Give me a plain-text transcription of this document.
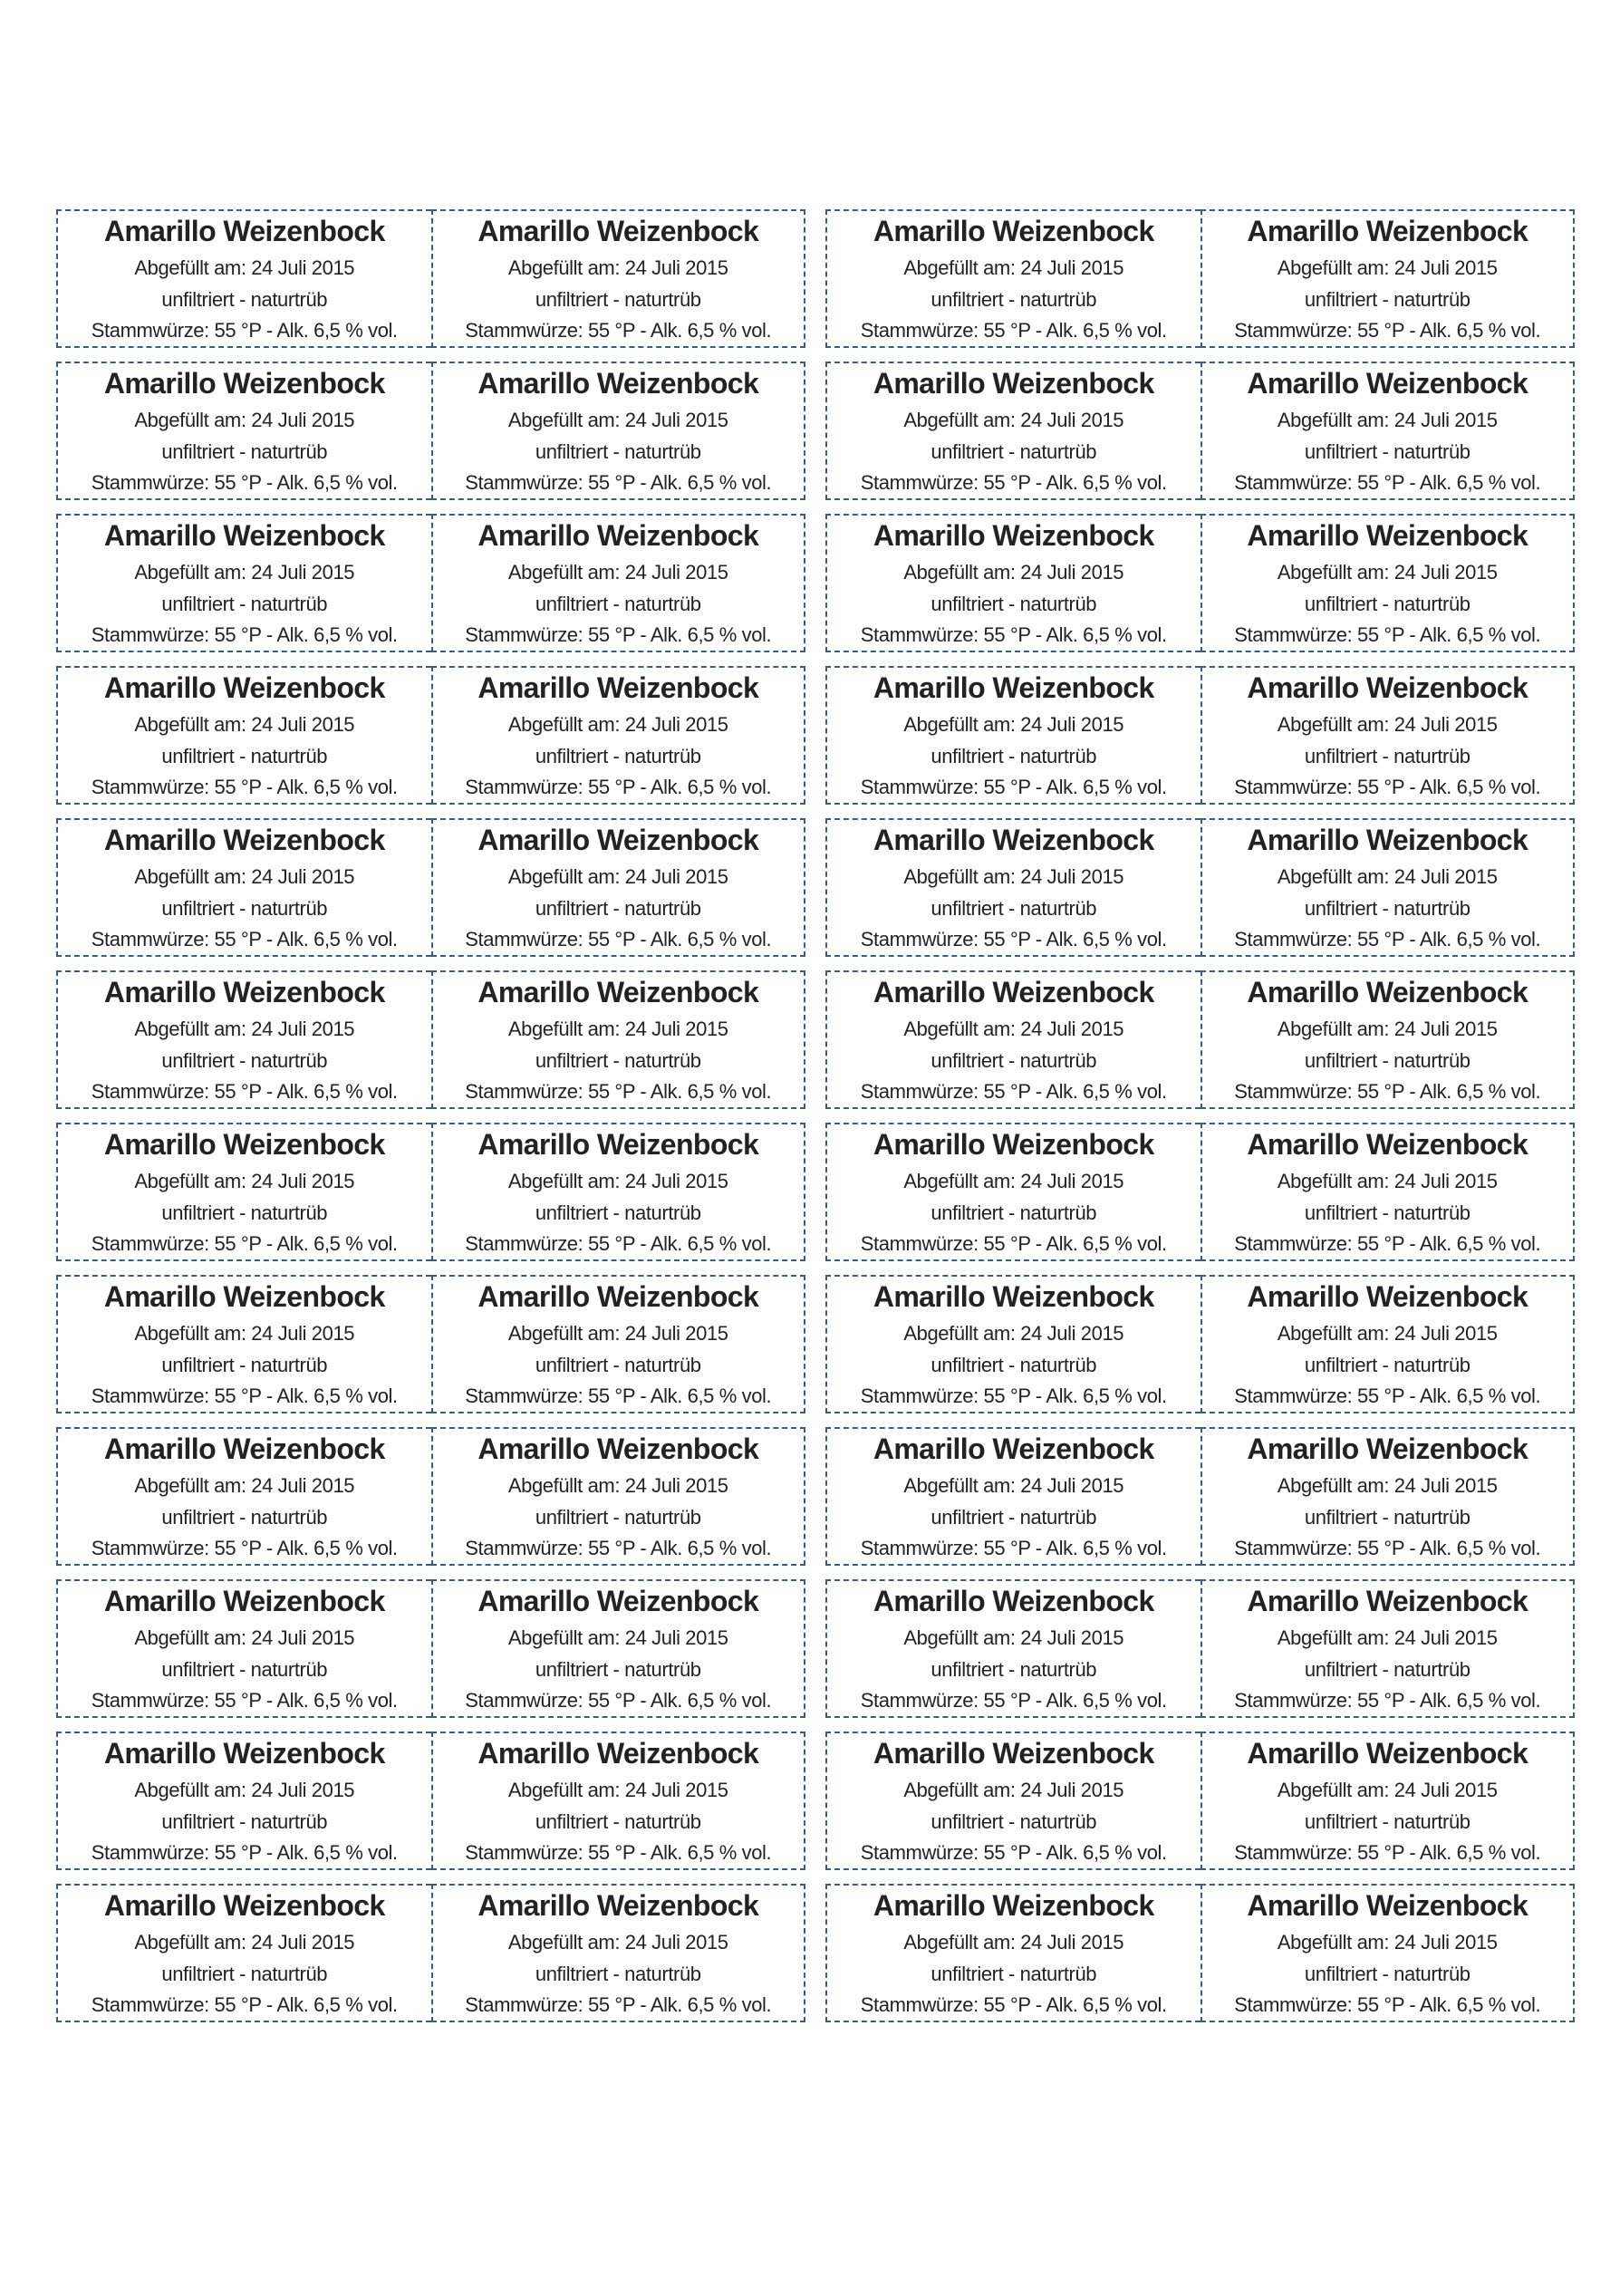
Amarillo Weizenbock
Abgefüllt am: 24 Juli 2015
unfiltriert - naturtrüb
Stammwürze: 55 °P - Alk. 6,5 % vol.
Amarillo Weizenbock
Abgefüllt am: 24 Juli 2015
unfiltriert - naturtrüb
Stammwürze: 55 °P - Alk. 6,5 % vol.
Amarillo Weizenbock
Abgefüllt am: 24 Juli 2015
unfiltriert - naturtrüb
Stammwürze: 55 °P - Alk. 6,5 % vol.
Amarillo Weizenbock
Abgefüllt am: 24 Juli 2015
unfiltriert - naturtrüb
Stammwürze: 55 °P - Alk. 6,5 % vol.
Amarillo Weizenbock
Abgefüllt am: 24 Juli 2015
unfiltriert - naturtrüb
Stammwürze: 55 °P - Alk. 6,5 % vol.
Amarillo Weizenbock
Abgefüllt am: 24 Juli 2015
unfiltriert - naturtrüb
Stammwürze: 55 °P - Alk. 6,5 % vol.
Amarillo Weizenbock
Abgefüllt am: 24 Juli 2015
unfiltriert - naturtrüb
Stammwürze: 55 °P - Alk. 6,5 % vol.
Amarillo Weizenbock
Abgefüllt am: 24 Juli 2015
unfiltriert - naturtrüb
Stammwürze: 55 °P - Alk. 6,5 % vol.
Amarillo Weizenbock
Abgefüllt am: 24 Juli 2015
unfiltriert - naturtrüb
Stammwürze: 55 °P - Alk. 6,5 % vol.
Amarillo Weizenbock
Abgefüllt am: 24 Juli 2015
unfiltriert - naturtrüb
Stammwürze: 55 °P - Alk. 6,5 % vol.
Amarillo Weizenbock
Abgefüllt am: 24 Juli 2015
unfiltriert - naturtrüb
Stammwürze: 55 °P - Alk. 6,5 % vol.
Amarillo Weizenbock
Abgefüllt am: 24 Juli 2015
unfiltriert - naturtrüb
Stammwürze: 55 °P - Alk. 6,5 % vol.
Amarillo Weizenbock
Abgefüllt am: 24 Juli 2015
unfiltriert - naturtrüb
Stammwürze: 55 °P - Alk. 6,5 % vol.
Amarillo Weizenbock
Abgefüllt am: 24 Juli 2015
unfiltriert - naturtrüb
Stammwürze: 55 °P - Alk. 6,5 % vol.
Amarillo Weizenbock
Abgefüllt am: 24 Juli 2015
unfiltriert - naturtrüb
Stammwürze: 55 °P - Alk. 6,5 % vol.
Amarillo Weizenbock
Abgefüllt am: 24 Juli 2015
unfiltriert - naturtrüb
Stammwürze: 55 °P - Alk. 6,5 % vol.
Amarillo Weizenbock
Abgefüllt am: 24 Juli 2015
unfiltriert - naturtrüb
Stammwürze: 55 °P - Alk. 6,5 % vol.
Amarillo Weizenbock
Abgefüllt am: 24 Juli 2015
unfiltriert - naturtrüb
Stammwürze: 55 °P - Alk. 6,5 % vol.
Amarillo Weizenbock
Abgefüllt am: 24 Juli 2015
unfiltriert - naturtrüb
Stammwürze: 55 °P - Alk. 6,5 % vol.
Amarillo Weizenbock
Abgefüllt am: 24 Juli 2015
unfiltriert - naturtrüb
Stammwürze: 55 °P - Alk. 6,5 % vol.
Amarillo Weizenbock
Abgefüllt am: 24 Juli 2015
unfiltriert - naturtrüb
Stammwürze: 55 °P - Alk. 6,5 % vol.
Amarillo Weizenbock
Abgefüllt am: 24 Juli 2015
unfiltriert - naturtrüb
Stammwürze: 55 °P - Alk. 6,5 % vol.
Amarillo Weizenbock
Abgefüllt am: 24 Juli 2015
unfiltriert - naturtrüb
Stammwürze: 55 °P - Alk. 6,5 % vol.
Amarillo Weizenbock
Abgefüllt am: 24 Juli 2015
unfiltriert - naturtrüb
Stammwürze: 55 °P - Alk. 6,5 % vol.
Amarillo Weizenbock
Abgefüllt am: 24 Juli 2015
unfiltriert - naturtrüb
Stammwürze: 55 °P - Alk. 6,5 % vol.
Amarillo Weizenbock
Abgefüllt am: 24 Juli 2015
unfiltriert - naturtrüb
Stammwürze: 55 °P - Alk. 6,5 % vol.
Amarillo Weizenbock
Abgefüllt am: 24 Juli 2015
unfiltriert - naturtrüb
Stammwürze: 55 °P - Alk. 6,5 % vol.
Amarillo Weizenbock
Abgefüllt am: 24 Juli 2015
unfiltriert - naturtrüb
Stammwürze: 55 °P - Alk. 6,5 % vol.
Amarillo Weizenbock
Abgefüllt am: 24 Juli 2015
unfiltriert - naturtrüb
Stammwürze: 55 °P - Alk. 6,5 % vol.
Amarillo Weizenbock
Abgefüllt am: 24 Juli 2015
unfiltriert - naturtrüb
Stammwürze: 55 °P - Alk. 6,5 % vol.
Amarillo Weizenbock
Abgefüllt am: 24 Juli 2015
unfiltriert - naturtrüb
Stammwürze: 55 °P - Alk. 6,5 % vol.
Amarillo Weizenbock
Abgefüllt am: 24 Juli 2015
unfiltriert - naturtrüb
Stammwürze: 55 °P - Alk. 6,5 % vol.
Amarillo Weizenbock
Abgefüllt am: 24 Juli 2015
unfiltriert - naturtrüb
Stammwürze: 55 °P - Alk. 6,5 % vol.
Amarillo Weizenbock
Abgefüllt am: 24 Juli 2015
unfiltriert - naturtrüb
Stammwürze: 55 °P - Alk. 6,5 % vol.
Amarillo Weizenbock
Abgefüllt am: 24 Juli 2015
unfiltriert - naturtrüb
Stammwürze: 55 °P - Alk. 6,5 % vol.
Amarillo Weizenbock
Abgefüllt am: 24 Juli 2015
unfiltriert - naturtrüb
Stammwürze: 55 °P - Alk. 6,5 % vol.
Amarillo Weizenbock
Abgefüllt am: 24 Juli 2015
unfiltriert - naturtrüb
Stammwürze: 55 °P - Alk. 6,5 % vol.
Amarillo Weizenbock
Abgefüllt am: 24 Juli 2015
unfiltriert - naturtrüb
Stammwürze: 55 °P - Alk. 6,5 % vol.
Amarillo Weizenbock
Abgefüllt am: 24 Juli 2015
unfiltriert - naturtrüb
Stammwürze: 55 °P - Alk. 6,5 % vol.
Amarillo Weizenbock
Abgefüllt am: 24 Juli 2015
unfiltriert - naturtrüb
Stammwürze: 55 °P - Alk. 6,5 % vol.
Amarillo Weizenbock
Abgefüllt am: 24 Juli 2015
unfiltriert - naturtrüb
Stammwürze: 55 °P - Alk. 6,5 % vol.
Amarillo Weizenbock
Abgefüllt am: 24 Juli 2015
unfiltriert - naturtrüb
Stammwürze: 55 °P - Alk. 6,5 % vol.
Amarillo Weizenbock
Abgefüllt am: 24 Juli 2015
unfiltriert - naturtrüb
Stammwürze: 55 °P - Alk. 6,5 % vol.
Amarillo Weizenbock
Abgefüllt am: 24 Juli 2015
unfiltriert - naturtrüb
Stammwürze: 55 °P - Alk. 6,5 % vol.
Amarillo Weizenbock
Abgefüllt am: 24 Juli 2015
unfiltriert - naturtrüb
Stammwürze: 55 °P - Alk. 6,5 % vol.
Amarillo Weizenbock
Abgefüllt am: 24 Juli 2015
unfiltriert - naturtrüb
Stammwürze: 55 °P - Alk. 6,5 % vol.
Amarillo Weizenbock
Abgefüllt am: 24 Juli 2015
unfiltriert - naturtrüb
Stammwürze: 55 °P - Alk. 6,5 % vol.
Amarillo Weizenbock
Abgefüllt am: 24 Juli 2015
unfiltriert - naturtrüb
Stammwürze: 55 °P - Alk. 6,5 % vol.
